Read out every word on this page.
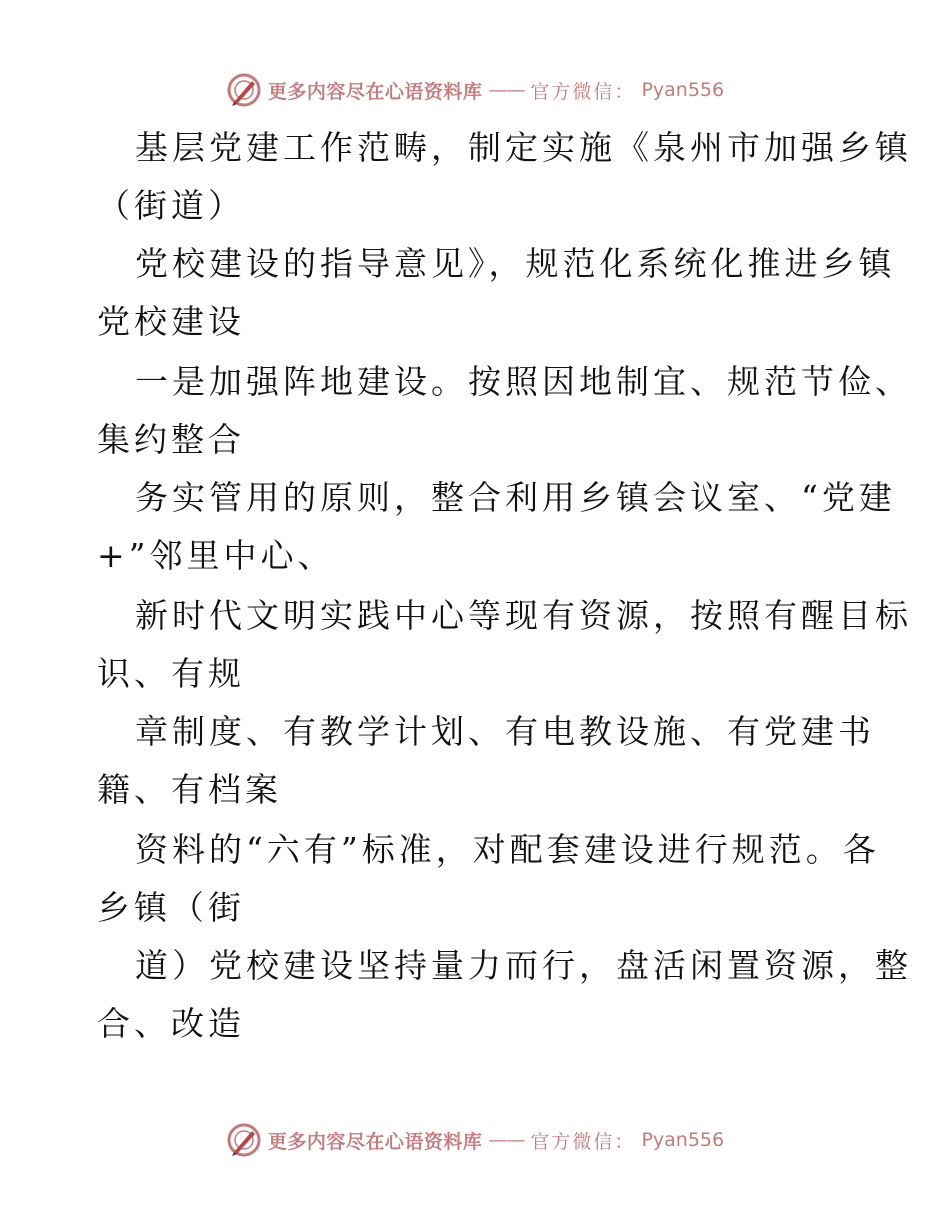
更多内容尽在心语资料库 —— 官方微信： Pyan556
基层党建工作范畴，制定实施《泉州市加强乡镇
（街道）
党校建设的指导意见》，规范化系统化推进乡镇
党校建设
一是加强阵地建设。按照因地制宜、规范节俭、
集约整合
务实管用的原则，整合利用乡镇会议室、“党建
+”邻里中心、
新时代文明实践中心等现有资源，按照有醒目标
识、有规
章制度、有教学计划、有电教设施、有党建书
籍、有档案
资料的“六有”标准，对配套建设进行规范。各
乡镇（街
道）党校建设坚持量力而行，盘活闲置资源，整
合、改造
更多内容尽在心语资料库 —— 官方微信： Pyan556
